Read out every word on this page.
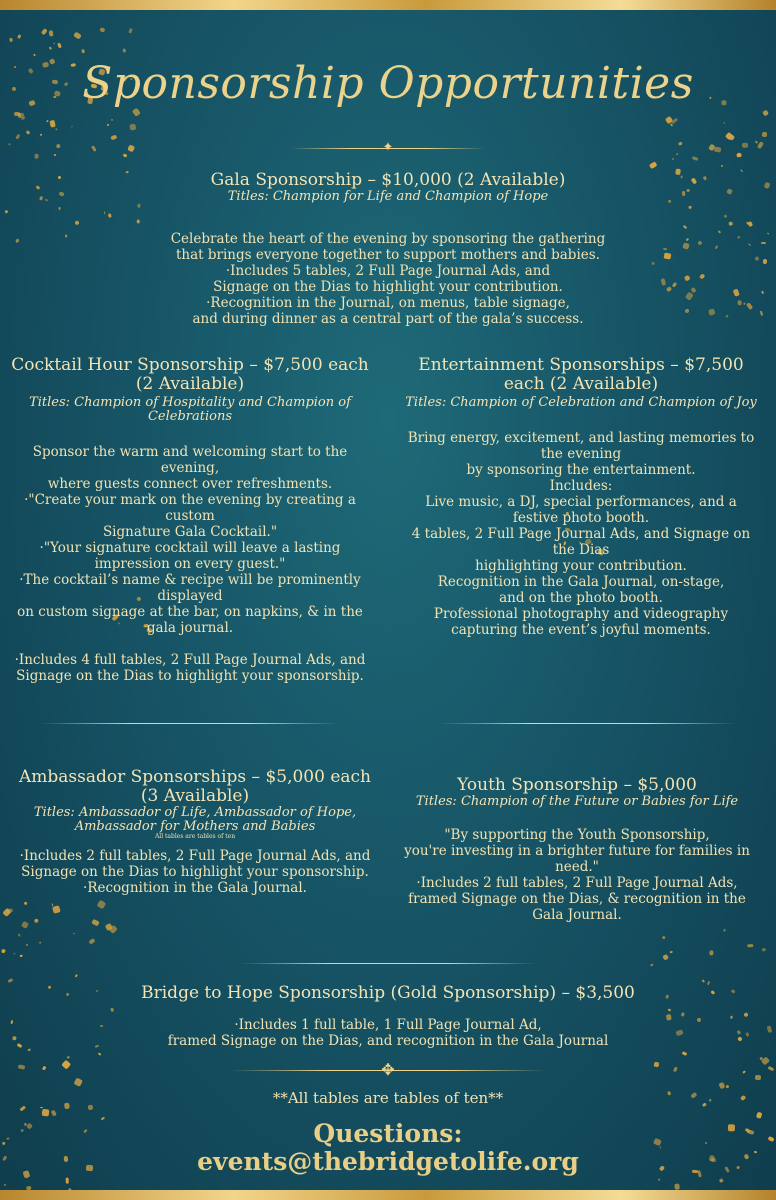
Sponsorship Opportunities
✦
Gala Sponsorship – $10,000 (2 Available)
Titles: Champion for Life and Champion of Hope

Celebrate the heart of the evening by sponsoring the gathering

that brings everyone together to support mothers and babies.

·Includes 5 tables, 2 Full Page Journal Ads, and

Signage on the Dias to highlight your contribution.

·Recognition in the Journal, on menus, table signage,

and during dinner as a central part of the gala’s success.

Cocktail Hour Sponsorship – $7,500 each (2 Available)
Titles: Champion of Hospitality and Champion of Celebrations

Sponsor the warm and welcoming start to the evening,

where guests connect over refreshments.

·"Create your mark on the evening by creating a custom

Signature Gala Cocktail."

·"Your signature cocktail will leave a lasting impression on every guest."

·The cocktail’s name & recipe will be prominently displayed

on custom signage at the bar, on napkins, & in the gala journal.

·Includes 4 full tables, 2 Full Page Journal Ads, and

Signage on the Dias to highlight your sponsorship.

Entertainment Sponsorships – $7,500 each (2 Available)
Titles: Champion of Celebration and Champion of Joy

Bring energy, excitement, and lasting memories to the evening

by sponsoring the entertainment.

Includes:

Live music, a DJ, special performances, and a festive photo booth.

4 tables, 2 Full Page Journal Ads, and Signage on the Dias

highlighting your contribution.

Recognition in the Gala Journal, on-stage,

and on the photo booth.

Professional photography and videography

capturing the event’s joyful moments.

Ambassador Sponsorships – $5,000 each (3 Available)
Titles: Ambassador of Life, Ambassador of Hope, Ambassador for Mothers and Babies
All tables are tables of ten

·Includes 2 full tables, 2 Full Page Journal Ads, and

Signage on the Dias to highlight your sponsorship.

·Recognition in the Gala Journal.

Youth Sponsorship – $5,000
Titles: Champion of the Future or Babies for Life

"By supporting the Youth Sponsorship,

you're investing in a brighter future for families in need."

·Includes 2 full tables, 2 Full Page Journal Ads,

framed Signage on the Dias, & recognition in the

Gala Journal.

Bridge to Hope Sponsorship (Gold Sponsorship) – $3,500

·Includes 1 full table, 1 Full Page Journal Ad,

framed Signage on the Dias, and recognition in the Gala Journal

✥
**All tables are tables of ten**
Questions:
events@thebridgetolife.org
